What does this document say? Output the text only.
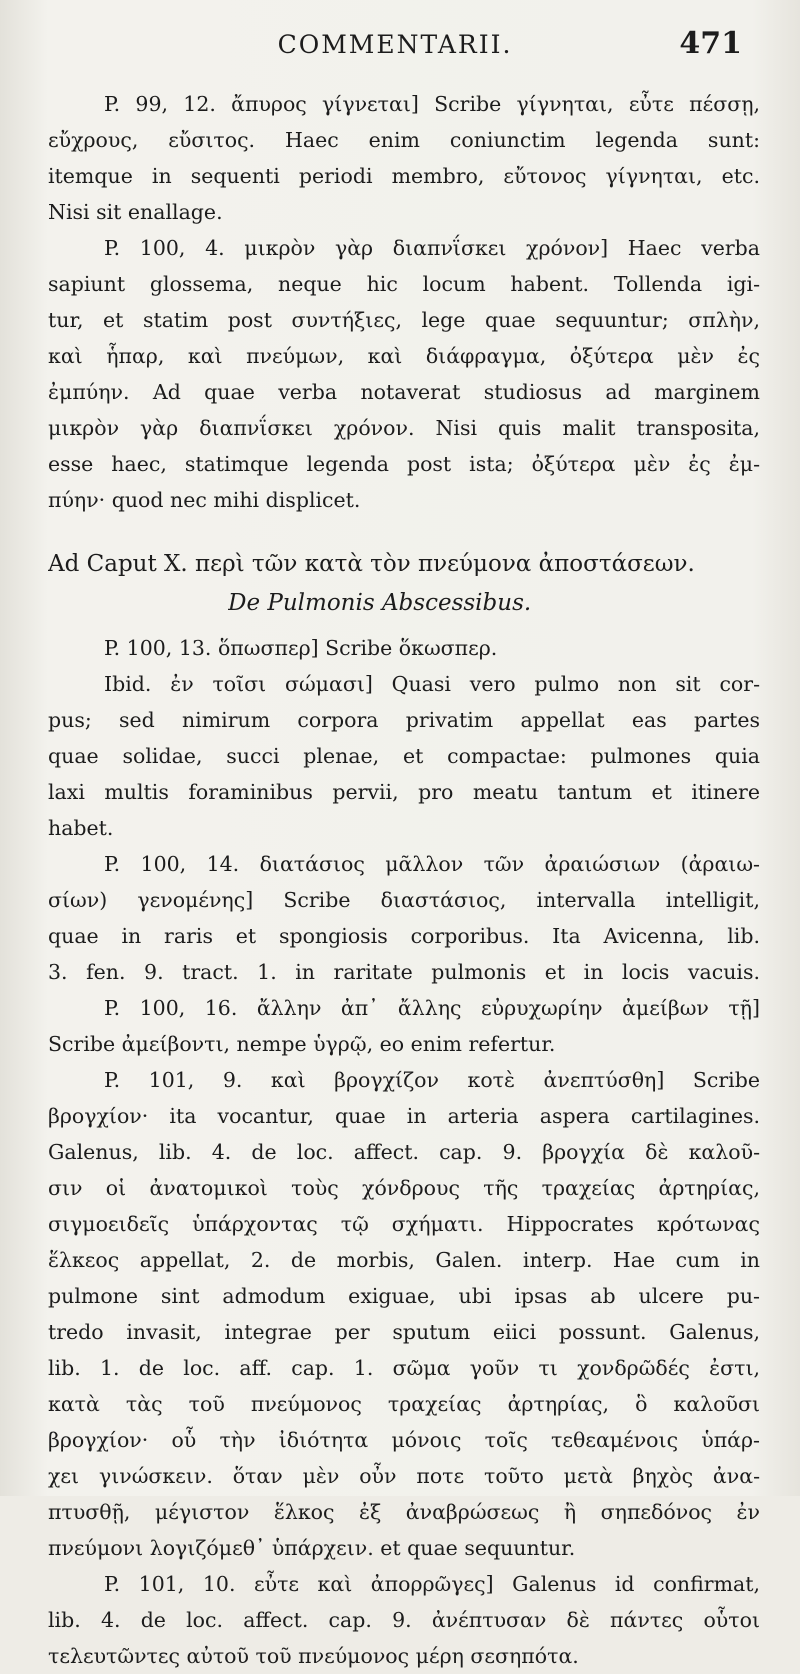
COMMENTARII.	471
P. 99, 12. ἄπυρος γίγνεται] Scribe γίγνηται, εὖτε πέσσῃ,
εὔχρους, εὔσιτος. Haec enim coniunctim legenda sunt:
itemque in sequenti periodi membro, εὔτονος γίγνηται, etc.
Nisi sit enallage.
P. 100, 4. μικρὸν γὰρ διαπνΐσκει χρόνον] Haec verba
sapiunt glossema, neque hic locum habent. Tollenda igi-
tur, et statim post συντήξιες, lege quae sequuntur; σπλὴν,
καὶ ἧπαρ, καὶ πνεύμων, καὶ διάφραγμα, ὀξύτερα μὲν ἐς
ἐμπύην. Ad quae verba notaverat studiosus ad marginem
μικρὸν γὰρ διαπνΐσκει χρόνον. Nisi quis malit transposita,
esse haec, statimque legenda post ista; ὀξύτερα μὲν ἐς ἐμ-
πύην· quod nec mihi displicet.
Ad Caput X. περὶ τῶν κατὰ τὸν πνεύμονα ἀποστάσεων.
De Pulmonis Abscessibus.
P. 100, 13. ὅπωσπερ] Scribe ὅκωσπερ.
Ibid. ἐν τοῖσι σώμασι] Quasi vero pulmo non sit cor-
pus; sed nimirum corpora privatim appellat eas partes
quae solidae, succi plenae, et compactae: pulmones quia
laxi multis foraminibus pervii, pro meatu tantum et itinere
habet.
P. 100, 14. διατάσιος μᾶλλον τῶν ἀραιώσιων (ἀραιω-
σίων) γενομένης] Scribe διαστάσιος, intervalla intelligit,
quae in raris et spongiosis corporibus. Ita Avicenna, lib.
3. fen. 9. tract. 1. in raritate pulmonis et in locis vacuis.
P. 100, 16. ἄλλην ἀπ᾿ ἄλλης εὐρυχωρίην ἀμείβων τῇ]
Scribe ἀμείβοντι, nempe ὑγρῷ, eo enim refertur.
P. 101, 9. καὶ βρογχίζον κοτὲ ἀνεπτύσθη] Scribe
βρογχίον· ita vocantur, quae in arteria aspera cartilagines.
Galenus, lib. 4. de loc. affect. cap. 9. βρογχία δὲ καλοῦ-
σιν οἱ ἀνατομικοὶ τοὺς χόνδρους τῆς τραχείας ἀρτηρίας,
σιγμοειδεῖς ὑπάρχοντας τῷ σχήματι. Hippocrates κρότωνας
ἕλκεος appellat, 2. de morbis, Galen. interp. Hae cum in
pulmone sint admodum exiguae, ubi ipsas ab ulcere pu-
tredo invasit, integrae per sputum eiici possunt. Galenus,
lib. 1. de loc. aff. cap. 1. σῶμα γοῦν τι χονδρῶδές ἐστι,
κατὰ τὰς τοῦ πνεύμονος τραχείας ἀρτηρίας, ὃ καλοῦσι
βρογχίον· οὗ τὴν ἰδιότητα μόνοις τοῖς τεθεαμένοις ὑπάρ-
χει γινώσκειν. ὅταν μὲν οὖν ποτε τοῦτο μετὰ βηχὸς ἀνα-
πτυσθῇ, μέγιστον ἕλκος ἐξ ἀναβρώσεως ἢ σηπεδόνος ἐν
πνεύμονι λογιζόμεθ᾿ ὑπάρχειν. et quae sequuntur.
P. 101, 10. εὖτε καὶ ἀπορρῶγες] Galenus id confirmat,
lib. 4. de loc. affect. cap. 9. ἀνέπτυσαν δὲ πάντες οὗτοι
τελευτῶντες αὐτοῦ τοῦ πνεύμονος μέρη σεσηπότα.
